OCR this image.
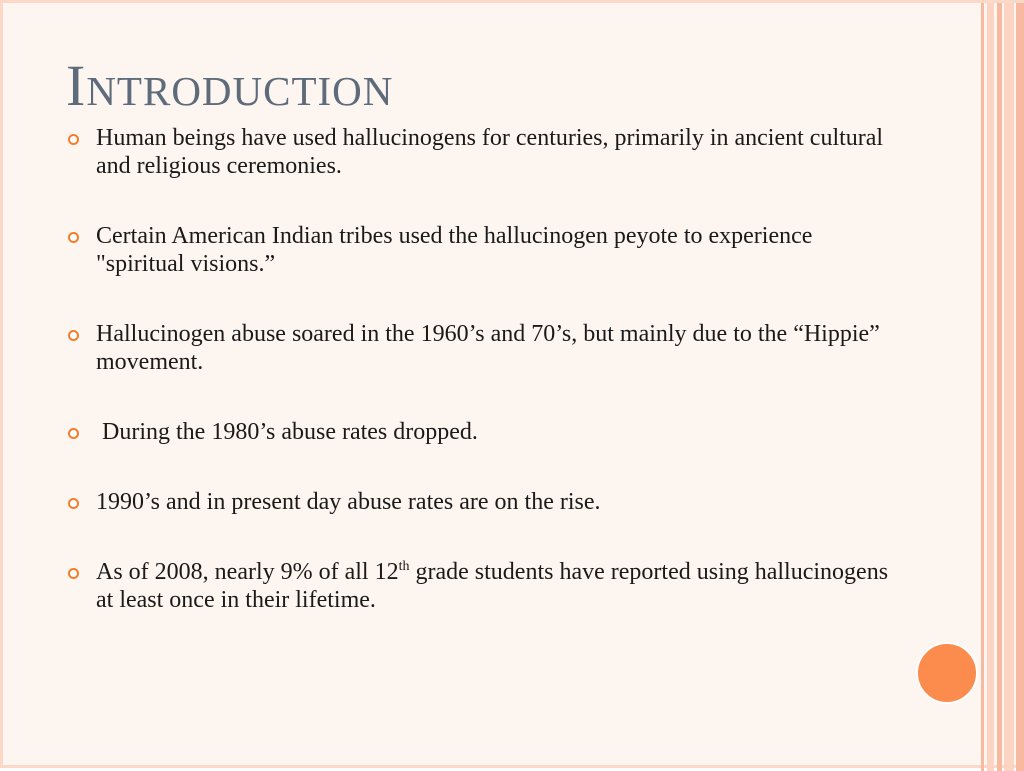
Introduction
Human beings have used hallucinogens for centuries, primarily in ancient cultural and religious ceremonies.
Certain American Indian tribes used the hallucinogen peyote to experience "spiritual visions.”
Hallucinogen abuse soared in the 1960’s and 70’s, but mainly due to the “Hippie” movement.
During the 1980’s abuse rates dropped.
1990’s and in present day abuse rates are on the rise.
As of 2008, nearly 9% of all 12th grade students have reported using hallucinogens at least once in their lifetime.
